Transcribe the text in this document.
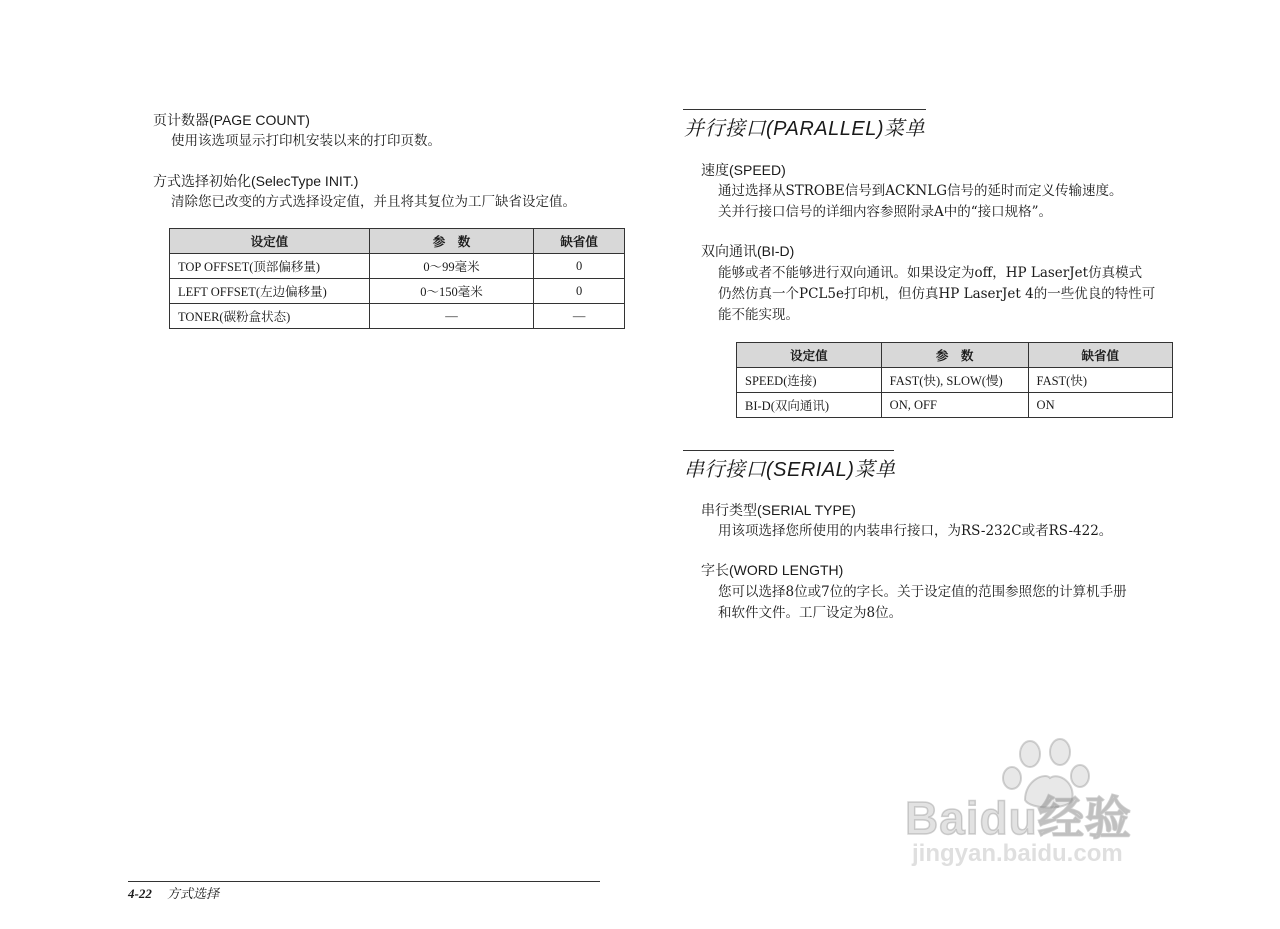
页计数器(PAGE COUNT)
使用该选项显示打印机安装以来的打印页数。
方式选择初始化(SelecType INIT.)
清除您已改变的方式选择设定值，并且将其复位为工厂缺省设定值。
设定值	参　数	缺省值
TOP OFFSET(顶部偏移量)	0～99毫米	0
LEFT OFFSET(左边偏移量)	0～150毫米	0
TONER(碳粉盒状态)	—	—
4-22 方式选择
并行接口(PARALLEL)菜单
速度(SPEED)
通过选择从STROBE信号到ACKNLG信号的延时而定义传输速度。
关并行接口信号的详细内容参照附录A中的“接口规格”。
双向通讯(BI-D)
能够或者不能够进行双向通讯。如果设定为off，HP LaserJet仿真模式
仍然仿真一个PCL5e打印机，但仿真HP LaserJet 4的一些优良的特性可
能不能实现。
设定值	参　数	缺省值
SPEED(连接)	FAST(快), SLOW(慢)	FAST(快)
BI-D(双向通讯)	ON, OFF	ON
串行接口(SERIAL)菜单
串行类型(SERIAL TYPE)
用该项选择您所使用的内装串行接口，为RS-232C或者RS-422。
字长(WORD LENGTH)
您可以选择8位或7位的字长。关于设定值的范围参照您的计算机手册
和软件文件。工厂设定为8位。
Baidu经验
jingyan.baidu.com
